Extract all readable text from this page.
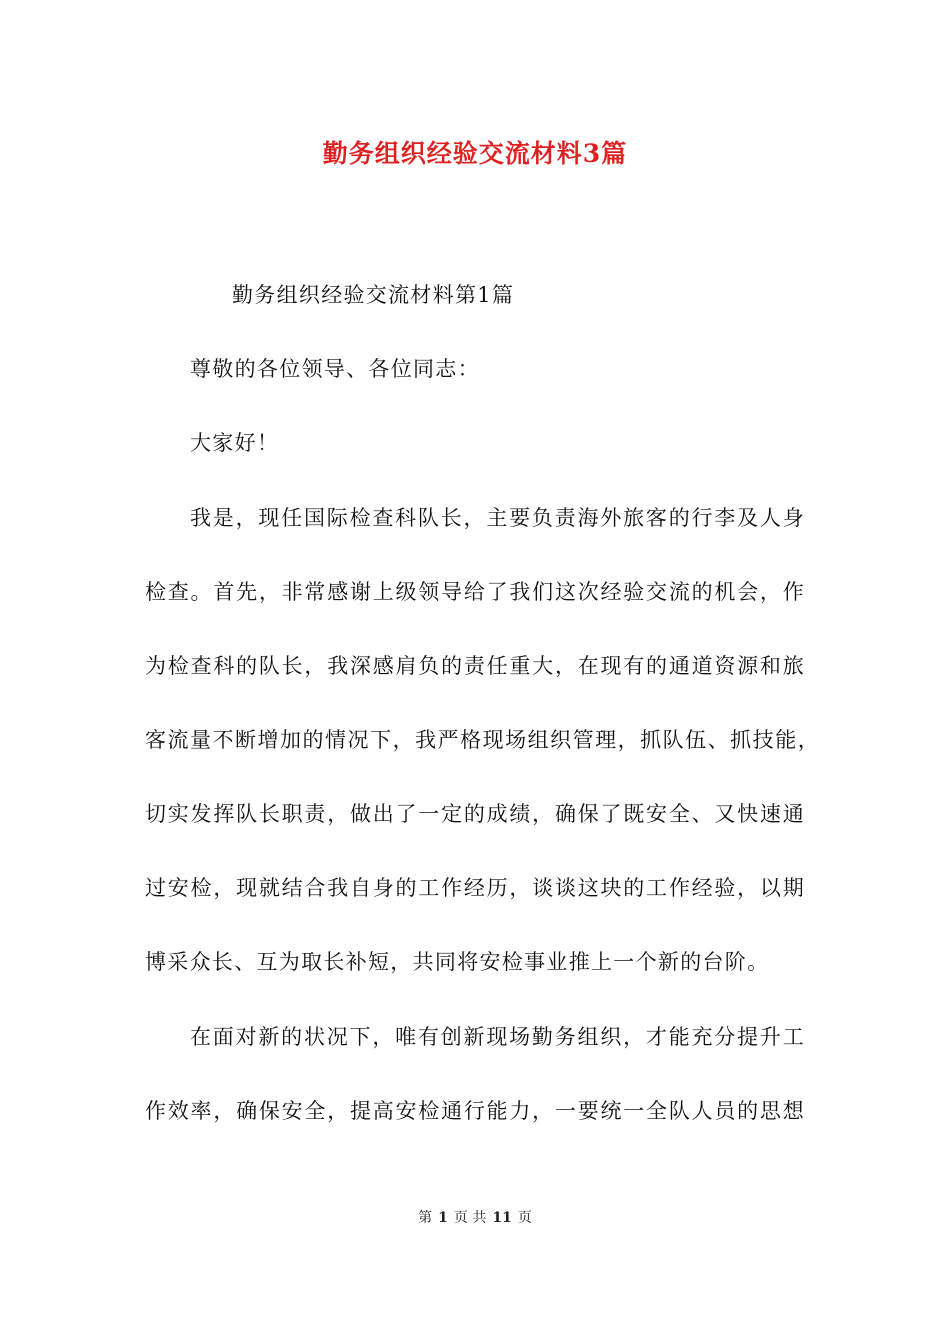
勤务组织经验交流材料3篇
勤务组织经验交流材料第1篇
尊敬的各位领导、各位同志：
大家好！
我是，现任国际检查科队长，主要负责海外旅客的行李及人身
检查。首先，非常感谢上级领导给了我们这次经验交流的机会，作
为检查科的队长，我深感肩负的责任重大，在现有的通道资源和旅
客流量不断增加的情况下，我严格现场组织管理，抓队伍、抓技能，
切实发挥队长职责，做出了一定的成绩，确保了既安全、又快速通
过安检，现就结合我自身的工作经历，谈谈这块的工作经验，以期
博采众长、互为取长补短，共同将安检事业推上一个新的台阶。
在面对新的状况下，唯有创新现场勤务组织，才能充分提升工
作效率，确保安全，提高安检通行能力，一要统一全队人员的思想
第 1 页 共 11 页
